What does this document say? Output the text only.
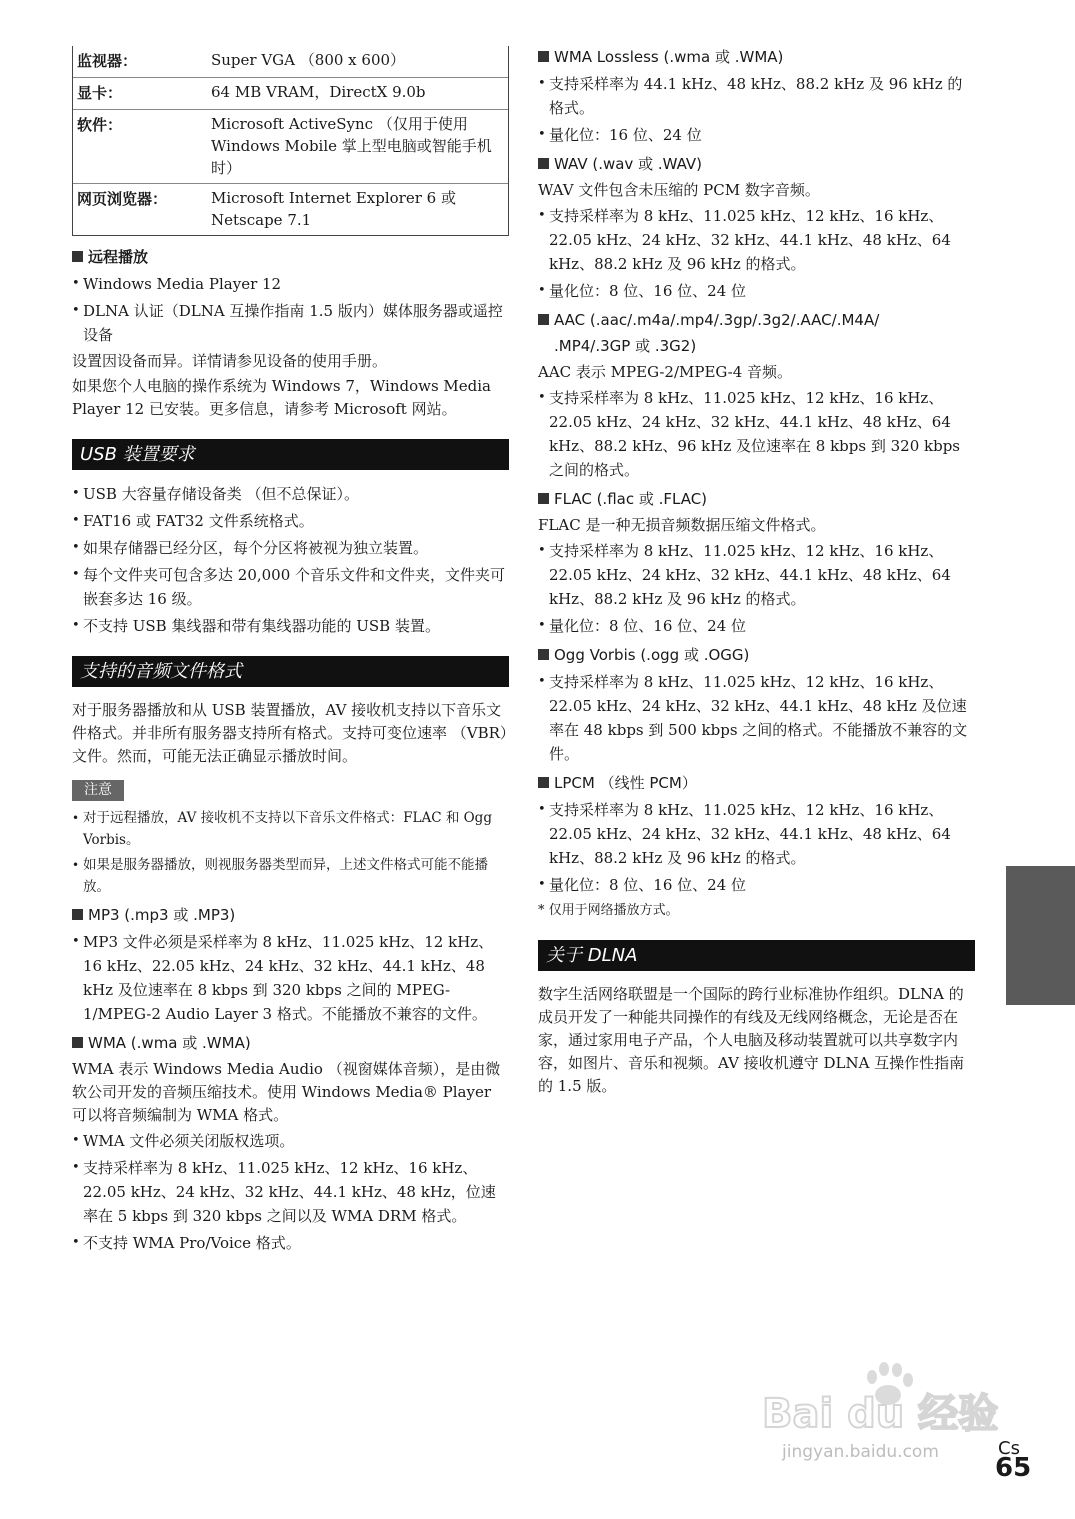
监视器：	Super VGA （800 x 600）
显卡：	64 MB VRAM，DirectX 9.0b
软件：	Microsoft ActiveSync （仅用于使用 Windows Mobile 掌上型电脑或智能手机时）
网页浏览器：	Microsoft Internet Explorer 6 或 Netscape 7.1
远程播放
• Windows Media Player 12
• DLNA 认证（DLNA 互操作指南 1.5 版内）媒体服务器或遥控设备
设置因设备而异。详情请参见设备的使用手册。
如果您个人电脑的操作系统为 Windows 7，Windows Media Player 12 已安装。更多信息，请参考 Microsoft 网站。
USB 装置要求
• USB 大容量存储设备类 （但不总保证）。
• FAT16 或 FAT32 文件系统格式。
• 如果存储器已经分区，每个分区将被视为独立装置。
• 每个文件夹可包含多达 20,000 个音乐文件和文件夹，文件夹可嵌套多达 16 级。
• 不支持 USB 集线器和带有集线器功能的 USB 装置。
支持的音频文件格式
对于服务器播放和从 USB 装置播放，AV 接收机支持以下音乐文件格式。并非所有服务器支持所有格式。支持可变位速率 （VBR）文件。然而，可能无法正确显示播放时间。
注意
• 对于远程播放，AV 接收机不支持以下音乐文件格式：FLAC 和 Ogg Vorbis。
• 如果是服务器播放，则视服务器类型而异，上述文件格式可能不能播放。
MP3 (.mp3 或 .MP3)
• MP3 文件必须是采样率为 8 kHz、11.025 kHz、12 kHz、16 kHz、22.05 kHz、24 kHz、32 kHz、44.1 kHz、48 kHz 及位速率在 8 kbps 到 320 kbps 之间的 MPEG-1/MPEG-2 Audio Layer 3 格式。不能播放不兼容的文件。
WMA (.wma 或 .WMA)
WMA 表示 Windows Media Audio （视窗媒体音频），是由微软公司开发的音频压缩技术。使用 Windows Media® Player 可以将音频编制为 WMA 格式。
• WMA 文件必须关闭版权选项。
• 支持采样率为 8 kHz、11.025 kHz、12 kHz、16 kHz、22.05 kHz、24 kHz、32 kHz、44.1 kHz、48 kHz，位速率在 5 kbps 到 320 kbps 之间以及 WMA DRM 格式。
• 不支持 WMA Pro/Voice 格式。
WMA Lossless (.wma 或 .WMA)
• 支持采样率为 44.1 kHz、48 kHz、88.2 kHz 及 96 kHz 的格式。
• 量化位：16 位、24 位
WAV (.wav 或 .WAV)
WAV 文件包含未压缩的 PCM 数字音频。
• 支持采样率为 8 kHz、11.025 kHz、12 kHz、16 kHz、22.05 kHz、24 kHz、32 kHz、44.1 kHz、48 kHz、64 kHz、88.2 kHz 及 96 kHz 的格式。
• 量化位：8 位、16 位、24 位
AAC (.aac/.m4a/.mp4/.3gp/.3g2/.AAC/.M4A/
.MP4/.3GP 或 .3G2)
AAC 表示 MPEG-2/MPEG-4 音频。
• 支持采样率为 8 kHz、11.025 kHz、12 kHz、16 kHz、22.05 kHz、24 kHz、32 kHz、44.1 kHz、48 kHz、64 kHz、88.2 kHz、96 kHz 及位速率在 8 kbps 到 320 kbps 之间的格式。
FLAC (.flac 或 .FLAC)
FLAC 是一种无损音频数据压缩文件格式。
• 支持采样率为 8 kHz、11.025 kHz、12 kHz、16 kHz、22.05 kHz、24 kHz、32 kHz、44.1 kHz、48 kHz、64 kHz、88.2 kHz 及 96 kHz 的格式。
• 量化位：8 位、16 位、24 位
Ogg Vorbis (.ogg 或 .OGG)
• 支持采样率为 8 kHz、11.025 kHz、12 kHz、16 kHz、22.05 kHz、24 kHz、32 kHz、44.1 kHz、48 kHz 及位速率在 48 kbps 到 500 kbps 之间的格式。不能播放不兼容的文件。
LPCM （线性 PCM）
• 支持采样率为 8 kHz、11.025 kHz、12 kHz、16 kHz、22.05 kHz、24 kHz、32 kHz、44.1 kHz、48 kHz、64 kHz、88.2 kHz 及 96 kHz 的格式。
• 量化位：8 位、16 位、24 位
* 仅用于网络播放方式。
关于 DLNA
数字生活网络联盟是一个国际的跨行业标准协作组织。DLNA 的成员开发了一种能共同操作的有线及无线网络概念，无论是否在家，通过家用电子产品，个人电脑及移动装置就可以共享数字内容，如图片、音乐和视频。AV 接收机遵守 DLNA 互操作性指南的 1.5 版。
Bai du 经验
jingyan.baidu.com	Cs
65
